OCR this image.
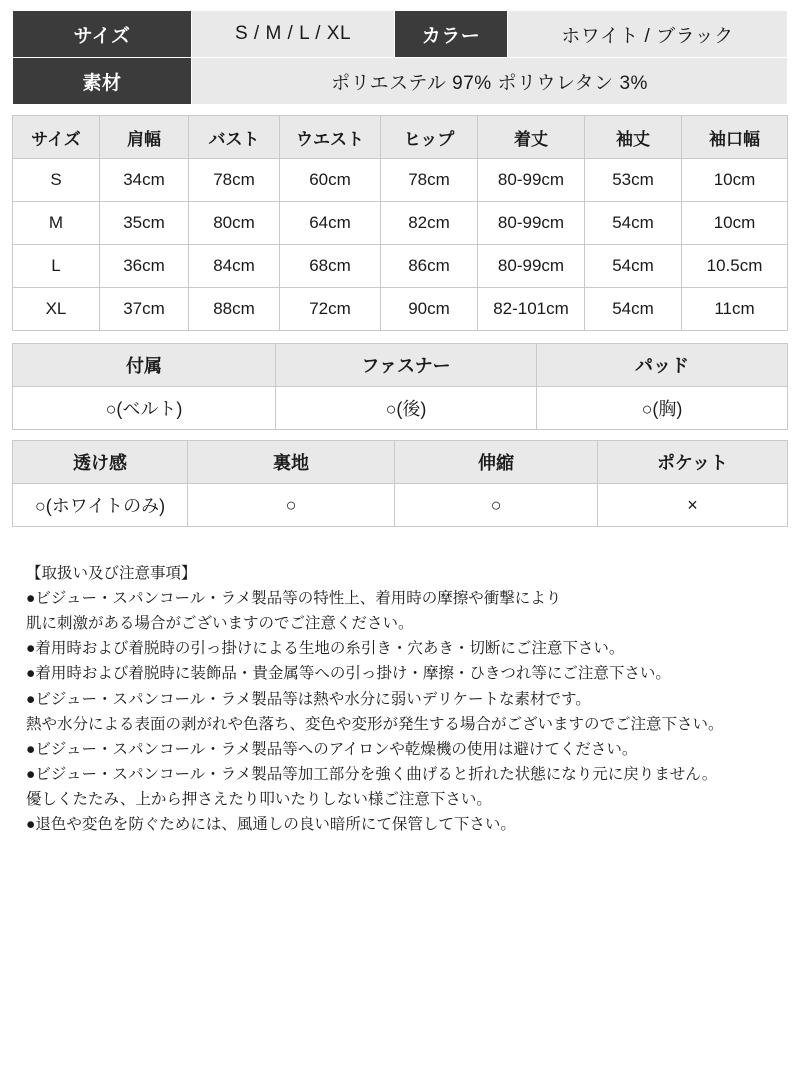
サイズ	S / M / L / XL	カラー	ホワイト / ブラック
素材	ポリエステル 97% ポリウレタン 3%		
サイズ	肩幅	バスト	ウエスト	ヒップ	着丈	袖丈	袖口幅
S	34cm	78cm	60cm	78cm	80-99cm	53cm	10cm
M	35cm	80cm	64cm	82cm	80-99cm	54cm	10cm
L	36cm	84cm	68cm	86cm	80-99cm	54cm	10.5cm
XL	37cm	88cm	72cm	90cm	82-101cm	54cm	11cm
付属	ファスナー	パッド
○(ベルト)	○(後)	○(胸)
透け感	裏地	伸縮	ポケット
○(ホワイトのみ)	○	○	×
【取扱い及び注意事項】
●ビジュー・スパンコール・ラメ製品等の特性上、着用時の摩擦や衝撃により
肌に刺激がある場合がございますのでご注意ください。
●着用時および着脱時の引っ掛けによる生地の糸引き・穴あき・切断にご注意下さい。
●着用時および着脱時に装飾品・貴金属等への引っ掛け・摩擦・ひきつれ等にご注意下さい。
●ビジュー・スパンコール・ラメ製品等は熱や水分に弱いデリケートな素材です。
熱や水分による表面の剥がれや色落ち、変色や変形が発生する場合がございますのでご注意下さい。
●ビジュー・スパンコール・ラメ製品等へのアイロンや乾燥機の使用は避けてください。
●ビジュー・スパンコール・ラメ製品等加工部分を強く曲げると折れた状態になり元に戻りません。
優しくたたみ、上から押さえたり叩いたりしない様ご注意下さい。
●退色や変色を防ぐためには、風通しの良い暗所にて保管して下さい。
